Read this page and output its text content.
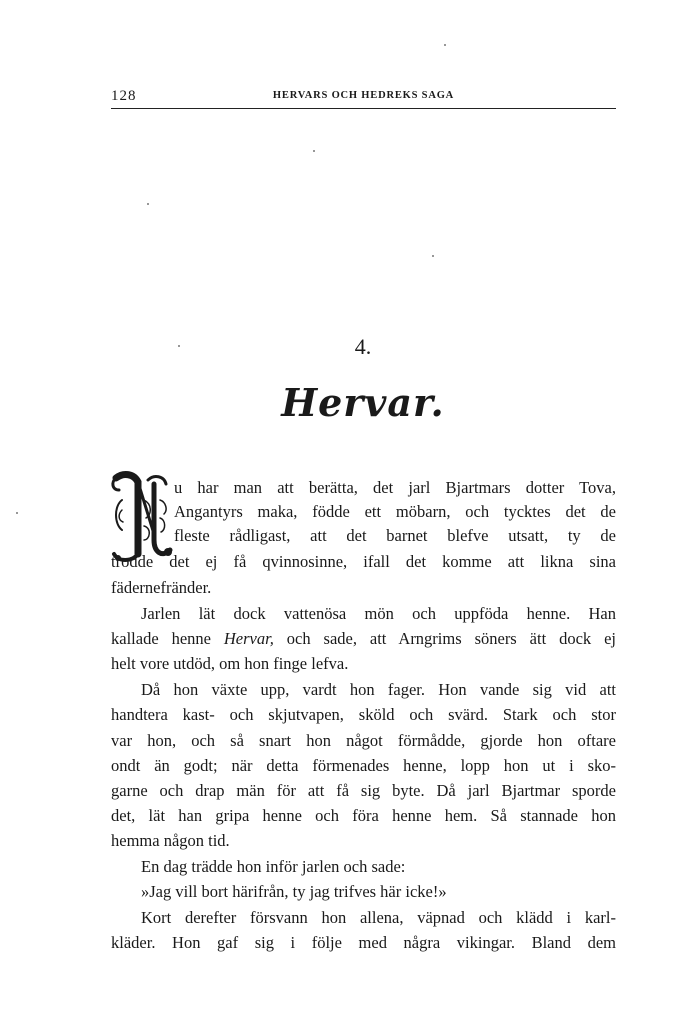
128	HERVARS OCH HEDREKS SAGA
4.
Hervar.
u har man att berätta, det jarl Bjartmars dotter Tova,
Angantyrs maka, födde ett möbarn, och tycktes det de
fleste rådligast, att det barnet blefve utsatt, ty de
trodde det ej få qvinnosinne, ifall det komme att likna sina
fädernefränder.
Jarlen lät dock vattenösa mön och uppföda henne. Han
kallade henne Hervar, och sade, att Arngrims söners ätt dock ej
helt vore utdöd, om hon finge lefva.
Då hon växte upp, vardt hon fager. Hon vande sig vid att
handtera kast- och skjutvapen, sköld och svärd. Stark och stor
var hon, och så snart hon något förmådde, gjorde hon oftare
ondt än godt; när detta förmenades henne, lopp hon ut i sko-
garne och drap män för att få sig byte. Då jarl Bjartmar sporde
det, lät han gripa henne och föra henne hem. Så stannade hon
hemma någon tid.
En dag trädde hon inför jarlen och sade:
»Jag vill bort härifrån, ty jag trifves här icke!»
Kort derefter försvann hon allena, väpnad och klädd i karl-
kläder. Hon gaf sig i följe med några vikingar. Bland dem
